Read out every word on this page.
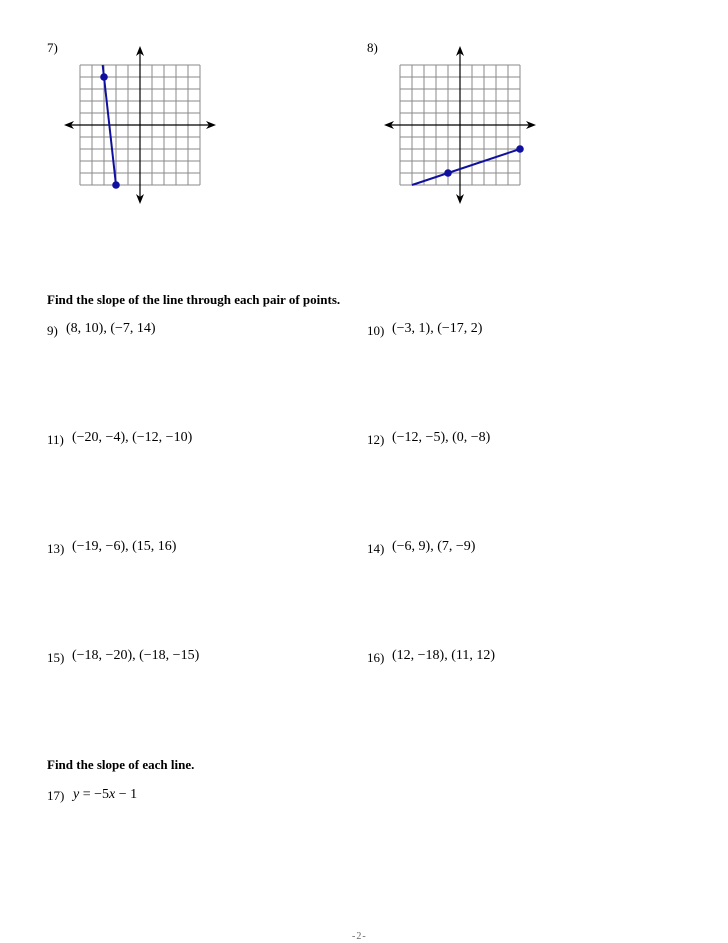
7)	8)
Find the slope of the line through each pair of points.
9) (8, 10), (−7, 14)	10) (−3, 1), (−17, 2)
11) (−20, −4), (−12, −10)	12) (−12, −5), (0, −8)
13) (−19, −6), (15, 16)	14) (−6, 9), (7, −9)
15) (−18, −20), (−18, −15)	16) (12, −18), (11, 12)
Find the slope of each line.
17) y = −5x − 1
-2-
